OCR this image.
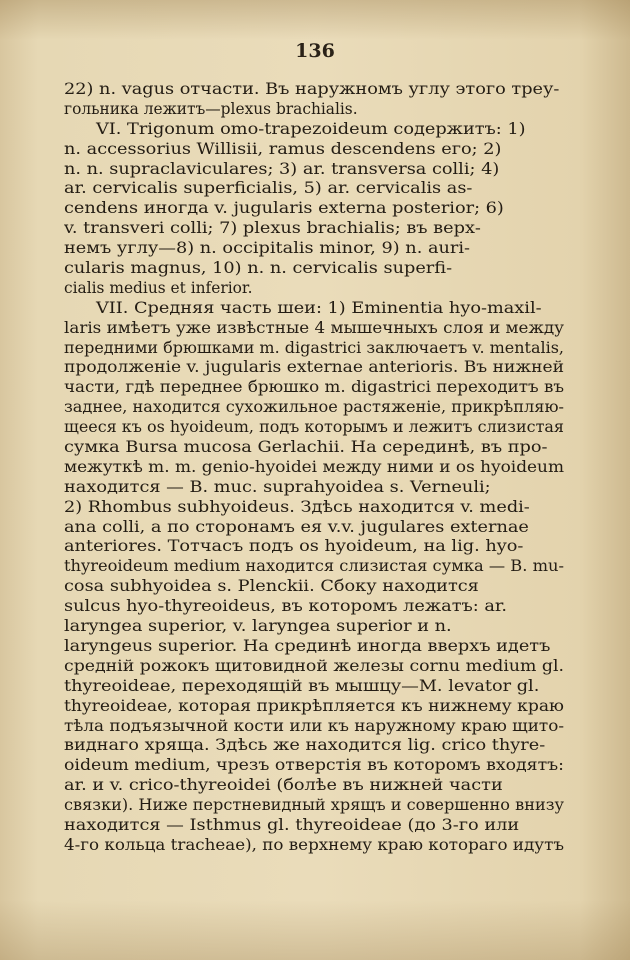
136
22) n. vagus отчасти. Въ наружномъ углу этого треу-
гольника лежитъ—plexus brachialis.
VI. Trigonum omo-trapezoideum содержитъ: 1)
n. accessorius Willisii, ramus descendens его; 2)
n. n. supraclaviculares; 3) ar. transversa colli; 4)
ar. cervicalis superficialis, 5) ar. cervicalis as-
cendens иногда v. jugularis externa posterior; 6)
v. transveri colli; 7) plexus brachialis; въ верх-
немъ углу—8) n. occipitalis minor, 9) n. auri-
cularis magnus, 10) n. n. cervicalis superfi-
cialis medius et inferior.
VII. Средняя часть шеи: 1) Eminentia hyo-maxil-
laris имѣетъ уже извѣстные 4 мышечныхъ слоя и между
передними брюшками m. digastrici заключаетъ v. mentalis,
продолженіе v. jugularis externae anterioris. Въ нижней
части, гдѣ переднее брюшко m. digastrici переходитъ въ
заднее, находится сухожильное растяженіе, прикрѣпляю-
щееся къ os hyoideum, подъ которымъ и лежитъ слизистая
сумка Bursa mucosa Gerlachii. На серединѣ, въ про-
межуткѣ m. m. genio-hyoidei между ними и os hyoideum
находится — B. muc. suprahyoidea s. Verneuli;
2) Rhombus subhyoideus. Здѣсь находится v. medi-
ana colli, а по сторонамъ ея v.v. jugulares externae
anteriores. Тотчасъ подъ os hyoideum, на lig. hyo-
thyreoideum medium находится слизистая сумка — B. mu-
cosa subhyoidea s. Plenckii. Сбоку находится
sulcus hyo-thyreoideus, въ которомъ лежатъ: ar.
laryngea superior, v. laryngea superior и n.
laryngeus superior. На срединѣ иногда вверхъ идетъ
средній рожокъ щитовидной железы cornu medium gl.
thyreoideae, переходящій въ мышцу—M. levator gl.
thyreoideae, которая прикрѣпляется къ нижнему краю
тѣла подъязычной кости или къ наружному краю щито-
виднаго хряща. Здѣсь же находится lig. crico thyre-
oideum medium, чрезъ отверстія въ которомъ входятъ:
ar. и v. crico-thyreoidei (болѣе въ нижней части
связки). Ниже перстневидный хрящъ и совершенно внизу
находится — Isthmus gl. thyreoideae (до 3-го или
4-го кольца tracheae), по верхнему краю котораго идутъ
